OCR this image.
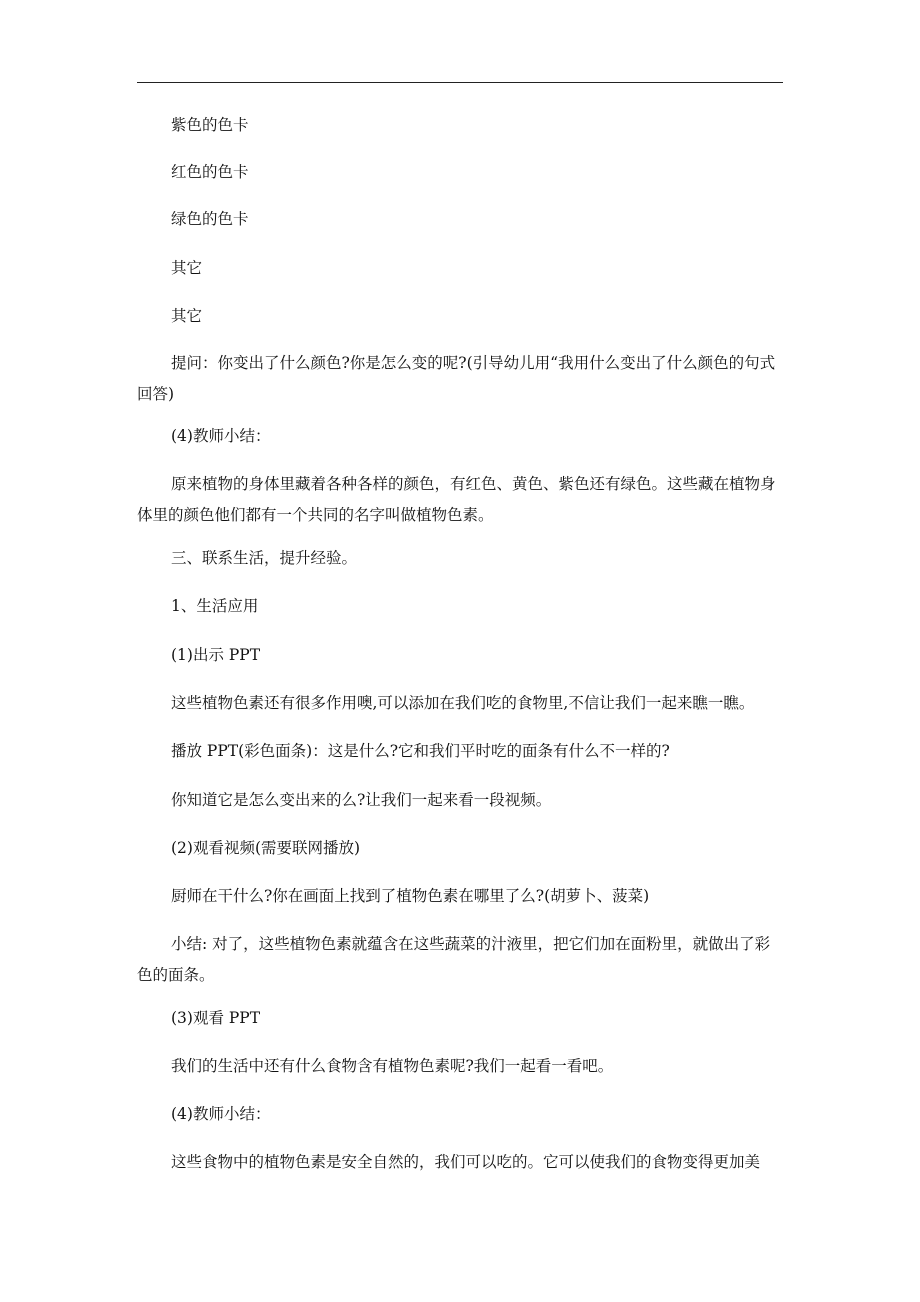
紫色的色卡
红色的色卡
绿色的色卡
其它
其它
提问：你变出了什么颜色?你是怎么变的呢?(引导幼儿用“我用什么变出了什么颜色的句式回答)
(4)教师小结：
原来植物的身体里藏着各种各样的颜色，有红色、黄色、紫色还有绿色。这些藏在植物身体里的颜色他们都有一个共同的名字叫做植物色素。
三、联系生活，提升经验。
1、生活应用
(1)出示 PPT
这些植物色素还有很多作用噢,可以添加在我们吃的食物里,不信让我们一起来瞧一瞧。
播放 PPT(彩色面条)：这是什么?它和我们平时吃的面条有什么不一样的?
你知道它是怎么变出来的么?让我们一起来看一段视频。
(2)观看视频(需要联网播放)
厨师在干什么?你在画面上找到了植物色素在哪里了么?(胡萝卜、菠菜)
小结: 对了，这些植物色素就蕴含在这些蔬菜的汁液里，把它们加在面粉里，就做出了彩色的面条。
(3)观看 PPT
我们的生活中还有什么食物含有植物色素呢?我们一起看一看吧。
(4)教师小结：
这些食物中的植物色素是安全自然的，我们可以吃的。它可以使我们的食物变得更加美
